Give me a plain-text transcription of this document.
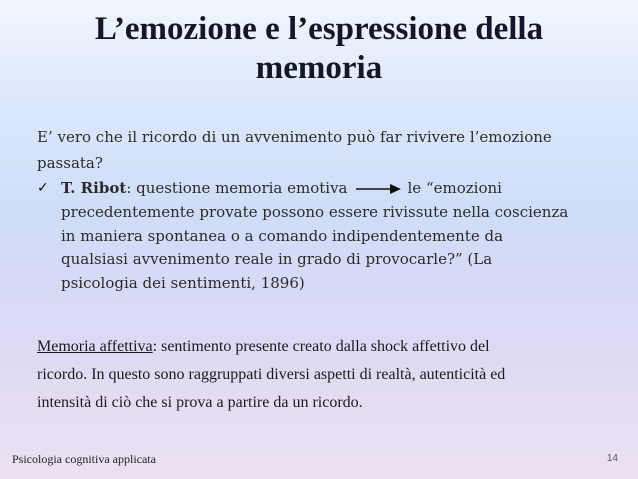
L’emozione e l’espressione della
memoria
E’ vero che il ricordo di un avvenimento può far rivivere l’emozione
passata?
✓ T. Ribot : questione memoria emotiva	le “emozioni
precedentemente provate possono essere rivissute nella coscienza
in maniera spontanea o a comando indipendentemente da
qualsiasi avvenimento reale in grado di provocarle?” (La
psicologia dei sentimenti, 1896)
Memoria affettiva: sentimento presente creato dalla shock affettivo del
ricordo. In questo sono raggruppati diversi aspetti di realtà, autenticità ed
intensità di ciò che si prova a partire da un ricordo.
Psicologia cognitiva applicata	14
